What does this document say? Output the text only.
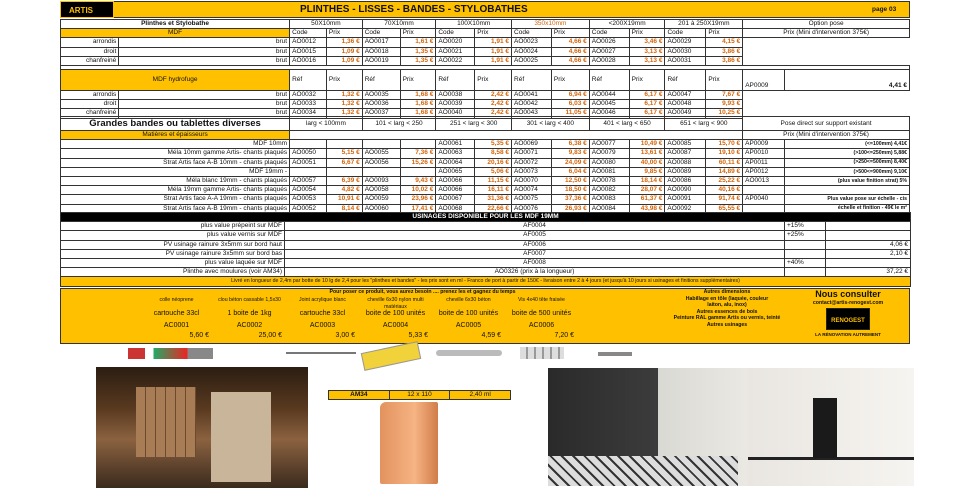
ARTIS	PLINTHES - LISSES - BANDES - STYLOBATHES	page 03
Plinthes et Stylobathe		50X10mm		70X10mm		100X10mm		350x10mm		<200X19mm		201 à 250X19mm		Option pose	
MDF		Code	Prix	Code	Prix	Code	Prix	Code	Prix	Code	Prix	Code	Prix	Prix (Mini d'intervention 375€)	
arrondis	brut	AO0012	1,36 €	AO0017	1,61 €	AO0020	1,91 €	AO0023	4,66 €	AO0026	3,46 €	AO0029	4,15 €		
droit	brut	AO0015	1,09 €	AO0018	1,35 €	AO0021	1,91 €	AO0024	4,66 €	AO0027	3,13 €	AO0030	3,86 €		
chanfreiné	brut	AO0016	1,09 €	AO0019	1,35 €	AO0022	1,91 €	AO0025	4,66 €	AO0028	3,13 €	AO0031	3,86 €		

MDF hydrofuge		Réf	Prix	Réf	Prix	Réf	Prix	Réf	Prix	Réf	Prix	Réf	Prix	AP0009	4,41 €
arrondis	brut	AO0032	1,32 €	AO0035	1,68 €	AO0038	2,42 €	AO0041	6,94 €	AO0044	6,17 €	AO0047	7,67 €		
droit	brut	AO0033	1,32 €	AO0036	1,68 €	AO0039	2,42 €	AO0042	6,03 €	AO0045	6,17 €	AO0048	9,93 €		
chanfreiné	brut	AO0034	1,32 €	AO0037	1,68 €	AO0040	2,42 €	AO0043	11,05 €	AO0046	6,17 €	AO0049	10,25 €		
Grandes bandes ou tablettes diverses	larg < 100mm		101 < larg < 250		251 < larg < 300		301 < larg < 400		401 < larg < 650		651 < larg < 900		Pose direct sur support existant	
Matières et épaisseurs													Prix (Mini d'intervention 375€)	
MDF 10mm					AO0061	5,35 €	AO0069	6,38 €	AO0077	10,49 €	AO0085	15,70 €	AP0009	(<=100mm) 4,41€
Méla 10mm gamme Artis- chants plaqués	AO0050	5,15 €	AO0055	7,36 €	AO0063	8,58 €	AO0071	9,83 €	AO0079	13,61 €	AO0087	19,10 €	AP0010	(>100<=250mm) 5,88€
Strat Artis face A-B 10mm - chants plaqués	AO0051	6,67 €	AO0056	15,26 €	AO0064	20,16 €	AO0072	24,09 €	AO0080	40,00 €	AO0088	60,11 €	AP0011	(>250<=500mm) 8,40€
MDF 19mm -					AO0065	5,06 €	AO0073	6,04 €	AO0081	9,85 €	AO0089	14,89 €	AP0012	(>500<=900mm) 9,10€
Méla blanc 19mm - chants plaqués	AO0057	6,39 €	AO0093	9,43 €	AO0066	11,15 €	AO0070	12,50 €	AO0078	18,14 €	AO0086	25,22 €	AO0013	(plus value finition strat) 5%
Méla 19mm gamme Artis- chants plaqués	AO0054	4,82 €	AO0058	10,02 €	AO0066	16,11 €	AO0074	18,50 €	AO0082	28,07 €	AO0090	40,16 €		
Strat Artis face A-A 19mm - chants plaqués	AO0053	10,91 €	AO0059	23,96 €	AO0067	31,36 €	AO0075	37,36 €	AO0083	61,37 €	AO0091	91,74 €	AP0040	Plus value pose sur échelle - cis
Strat Artis face A-B 19mm - chants plaqués	AO0052	8,14 €	AO0060	17,41 €	AO0068	22,66 €	AO0076	26,93 €	AO0084	43,98 €	AO0092	65,55 €		échelle et finition - 49€ le m²
USINAGES DISPONIBLE POUR LES MDF 19MM			
plus value prépeint sur MDF	AF0004	+15%	
plus value vernis sur MDF	AF0005	+25%	
PV usinage rainure 3x5mm sur bord haut	AF0006		4,06 €
PV usinage rainure 3x5mm sur bord bas	AF0007		2,10 €
plus value laquée sur MDF	AF0008	+40%	
Plinthe avec moulures (voir AM34)	AO0326 (prix à la longueur)		37,22 €
Livré en longueur de 2,4m par botte de 10 lg de 2,4 pour les "plinthes et bandes" - les prix sont en ml - Franco de port à partir de 150€ - livraison entre 2 à 4 jours (et jusqu'à 10 jours si usinages et finitions supplémentaires)			
Pour poser ce produit, vous aurez besoin .... prenez les et gagnez du temps
colle néoprene
cartouche 33cl
AC0001
5,60 €
clou béton cassable 1,5x30
1 boite de 1kg
AC0002
25,00 €
Joint acrylique blanc
cartouche 33cl
AC0003
3,00 €
cheville 6x30 nylon multi matériaux
boite de 100 unités
AC0004
5,33 €
cheville 6x30 béton
boite de 100 unités
AC0005
4,59 €
Vis 4x40 tête fraisée
boite de 500 unités
AC0006
7,20 €
Autres dimensions
Habillage en tôle (laquée, couleur
laiton, alu, inox)
Autres essences de bois
Peinture RAL gamme Artis ou vernis, teinté
Autres usinages
Nous consulter
contact@artis-renogest.com
RENOGEST
LA RÉNOVATION AUTREMENT
AM34	12 x 110	2,40 ml
